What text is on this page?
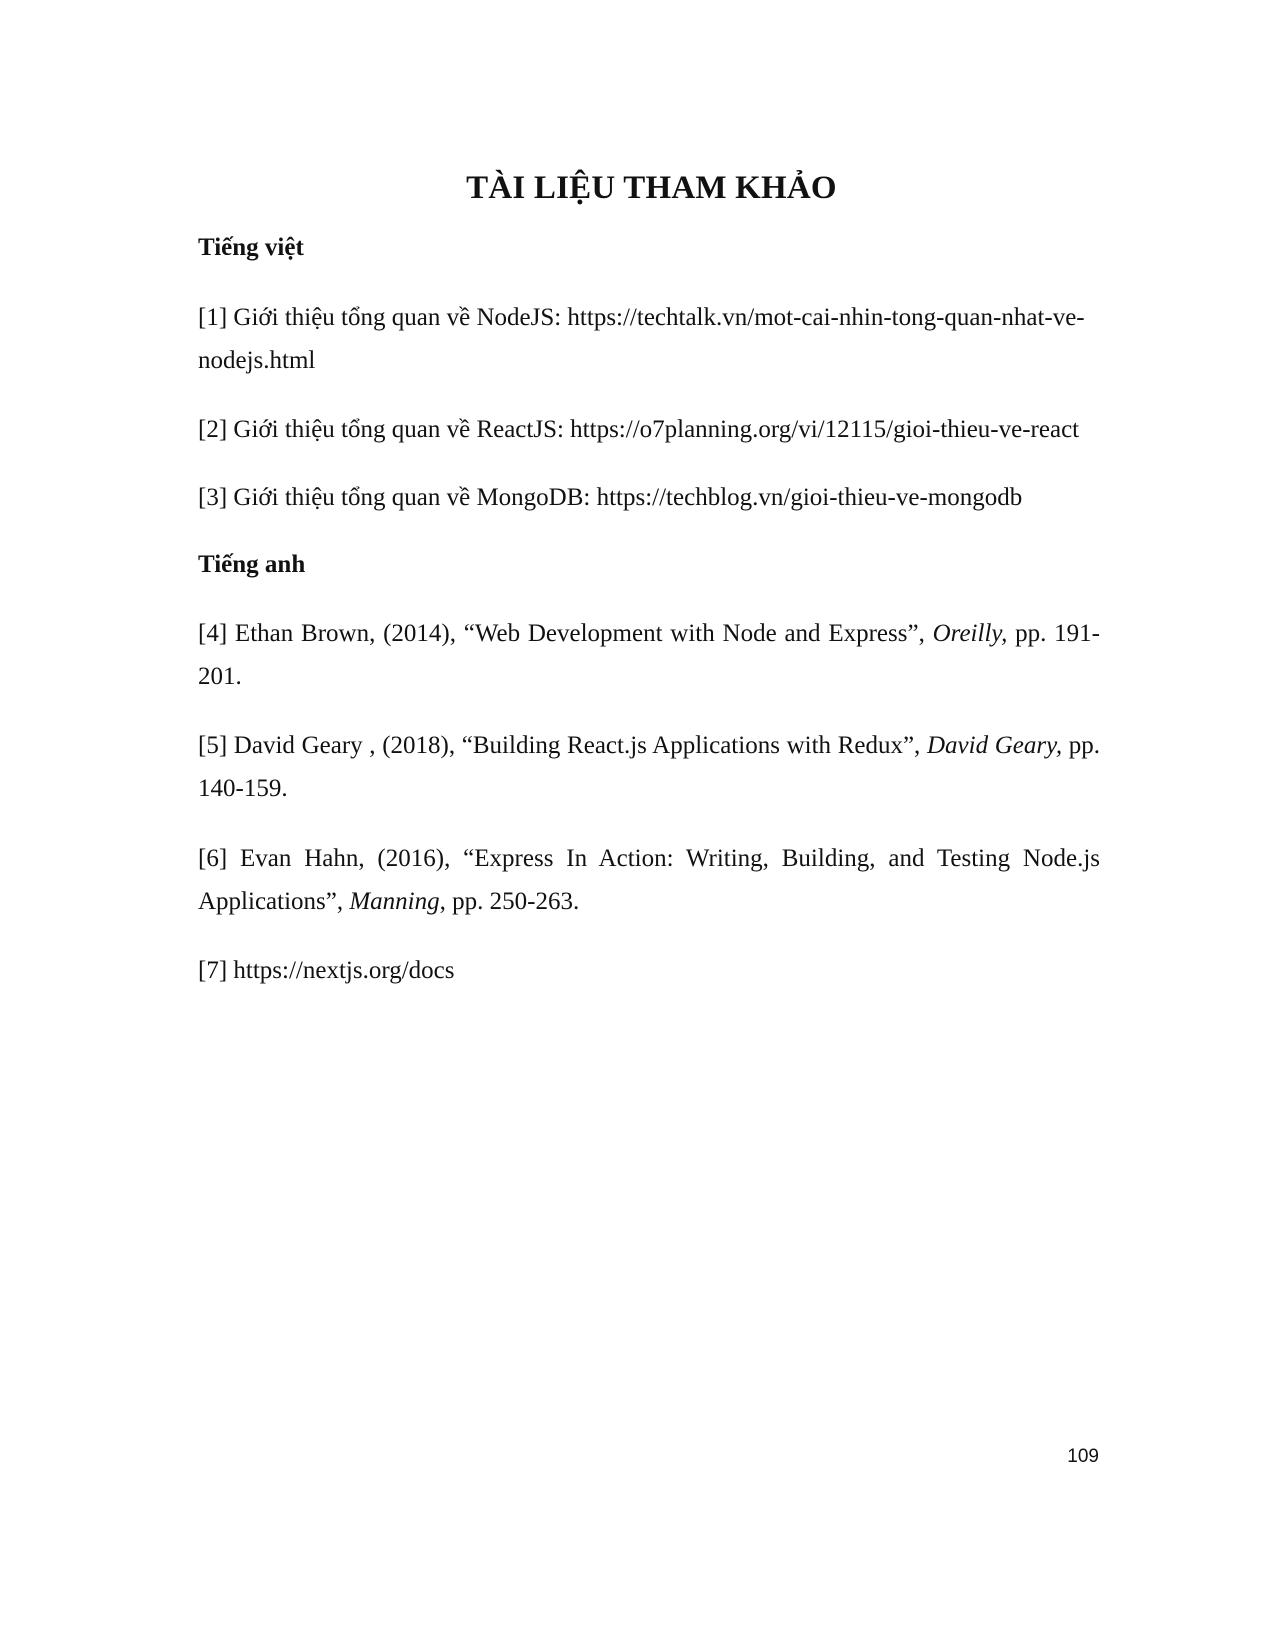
TÀI LIỆU THAM KHẢO
Tiếng việt

[1] Giới thiệu tổng quan về NodeJS: https://techtalk.vn/mot-cai-nhin-tong-quan-nhat-ve-nodejs.html

[2] Giới thiệu tổng quan về ReactJS: https://o7planning.org/vi/12115/gioi-thieu-ve-react

[3] Giới thiệu tổng quan về MongoDB: https://techblog.vn/gioi-thieu-ve-mongodb

Tiếng anh

[4] Ethan Brown, (2014), “Web Development with Node and Express”, Oreilly, pp. 191-201.

[5] David Geary , (2018), “Building React.js Applications with Redux”, David Geary, pp. 140-159.

[6] Evan Hahn, (2016), “Express In Action: Writing, Building, and Testing Node.js Applications”, Manning, pp. 250-263.

[7] https://nextjs.org/docs

109
